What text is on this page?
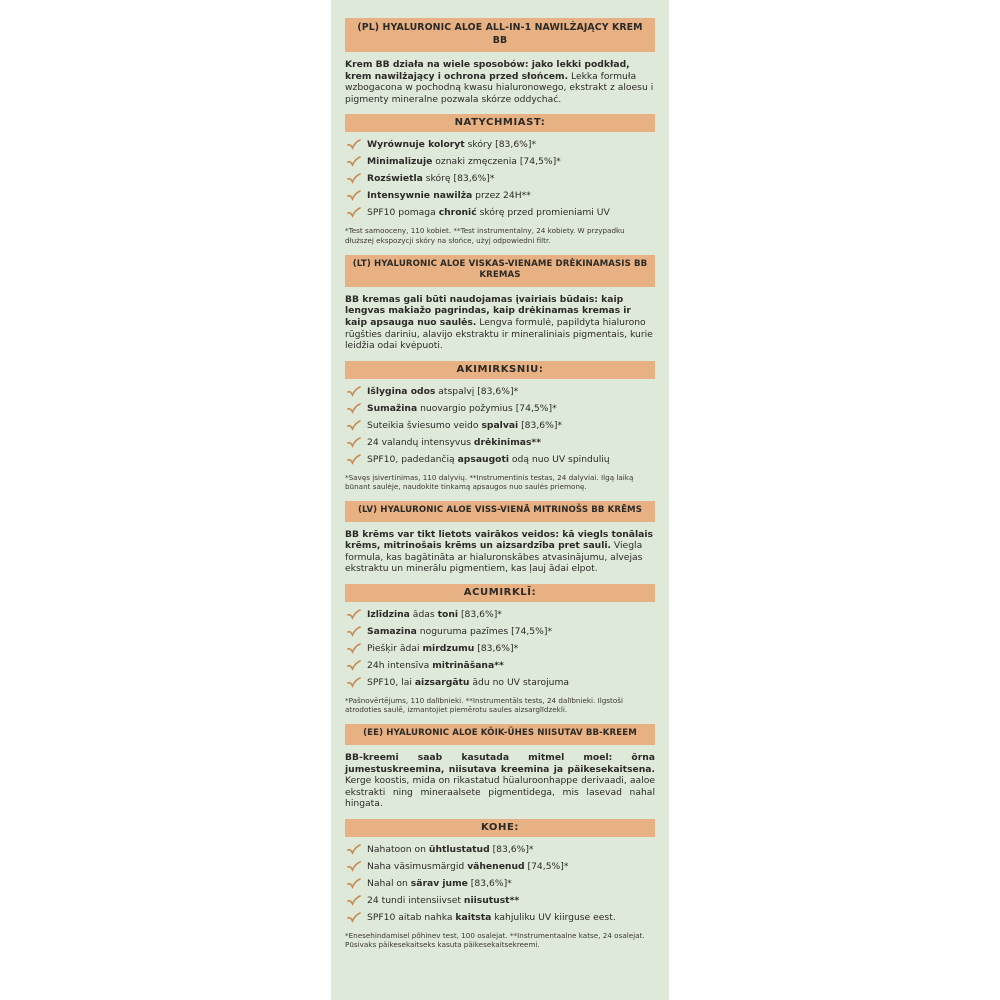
(PL) HYALURONIC ALOE ALL-IN-1 NAWILŻAJĄCY KREM BB

Krem BB działa na wiele sposobów: jako lekki podkład, krem nawilżający i ochrona przed słońcem. Lekka formuła wzbogacona w pochodną kwasu hialuronowego, ekstrakt z aloesu i pigmenty mineralne pozwala skórze oddychać.

NATYCHMIAST:
Wyrównuje koloryt skóry [83,6%]*
Minimalizuje oznaki zmęczenia [74,5%]*
Rozświetla skórę [83,6%]*
Intensywnie nawilża przez 24H**
SPF10 pomaga chronić skórę przed promieniami UV

*Test samooceny, 110 kobiet. **Test instrumentalny, 24 kobiety. W przypadku dłuższej ekspozycji skóry na słońce, użyj odpowiedni filtr.

(LT) HYALURONIC ALOE VISKAS-VIENAME DRĖKINAMASIS BB KREMAS

BB kremas gali būti naudojamas įvairiais būdais: kaip lengvas makiažo pagrindas, kaip drėkinamas kremas ir kaip apsauga nuo saulės. Lengva formulė, papildyta hialurono rūgšties dariniu, alavijo ekstraktu ir mineraliniais pigmentais, kurie leidžia odai kvėpuoti.

AKIMIRKSNIU:
Išlygina odos atspalvį [83,6%]*
Sumažina nuovargio požymius [74,5%]*
Suteikia šviesumo veido spalvai [83,6%]*
24 valandų intensyvus drėkinimas**
SPF10, padedančią apsaugoti odą nuo UV spindulių

*Savęs įsivertinimas, 110 dalyvių. **Instrumentinis testas, 24 dalyviai. Ilgą laiką būnant saulėje, naudokite tinkamą apsaugos nuo saulės priemonę.

(LV) HYALURONIC ALOE VISS-VIENĀ MITRINOŠS BB KRĒMS

BB krēms var tikt lietots vairākos veidos: kā viegls tonālais krēms, mitrinošais krēms un aizsardzība pret sauli. Viegla formula, kas bagātināta ar hialuronskābes atvasinājumu, alvejas ekstraktu un minerālu pigmentiem, kas ļauj ādai elpot.

ACUMIRKLĪ:
Izlīdzina ādas toni [83,6%]*
Samazina noguruma pazīmes [74,5%]*
Piešķir ādai mirdzumu [83,6%]*
24h intensīva mitrināšana**
SPF10, lai aizsargātu ādu no UV starojuma

*Pašnovērtējums, 110 dalībnieki. **Instrumentāls tests, 24 dalībnieki. Ilgstoši atrodoties saulē, izmantojiet piemērotu saules aizsarglīdzekli.

(EE) HYALURONIC ALOE KÕIK-ÜHES NIISUTAV BB-KREEM

BB-kreemi saab kasutada mitmel moel: õrna jumestuskreemina, niisutava kreemina ja päikesekaitsena. Kerge koostis, mida on rikastatud hüaluroonhappe derivaadi, aaloe ekstrakti ning mineraalsete pigmentidega, mis lasevad nahal hingata.

KOHE:
Nahatoon on ühtlustatud [83,6%]*
Naha väsimusmärgid vähenenud [74,5%]*
Nahal on särav jume [83,6%]*
24 tundi intensiivset niisutust**
SPF10 aitab nahka kaitsta kahjuliku UV kiirguse eest.

*Enesehindamisel põhinev test, 100 osalejat. **Instrumentaalne katse, 24 osalejat. Pūsivaks päikesekaitseks kasuta päikesekaitsekreemi.
